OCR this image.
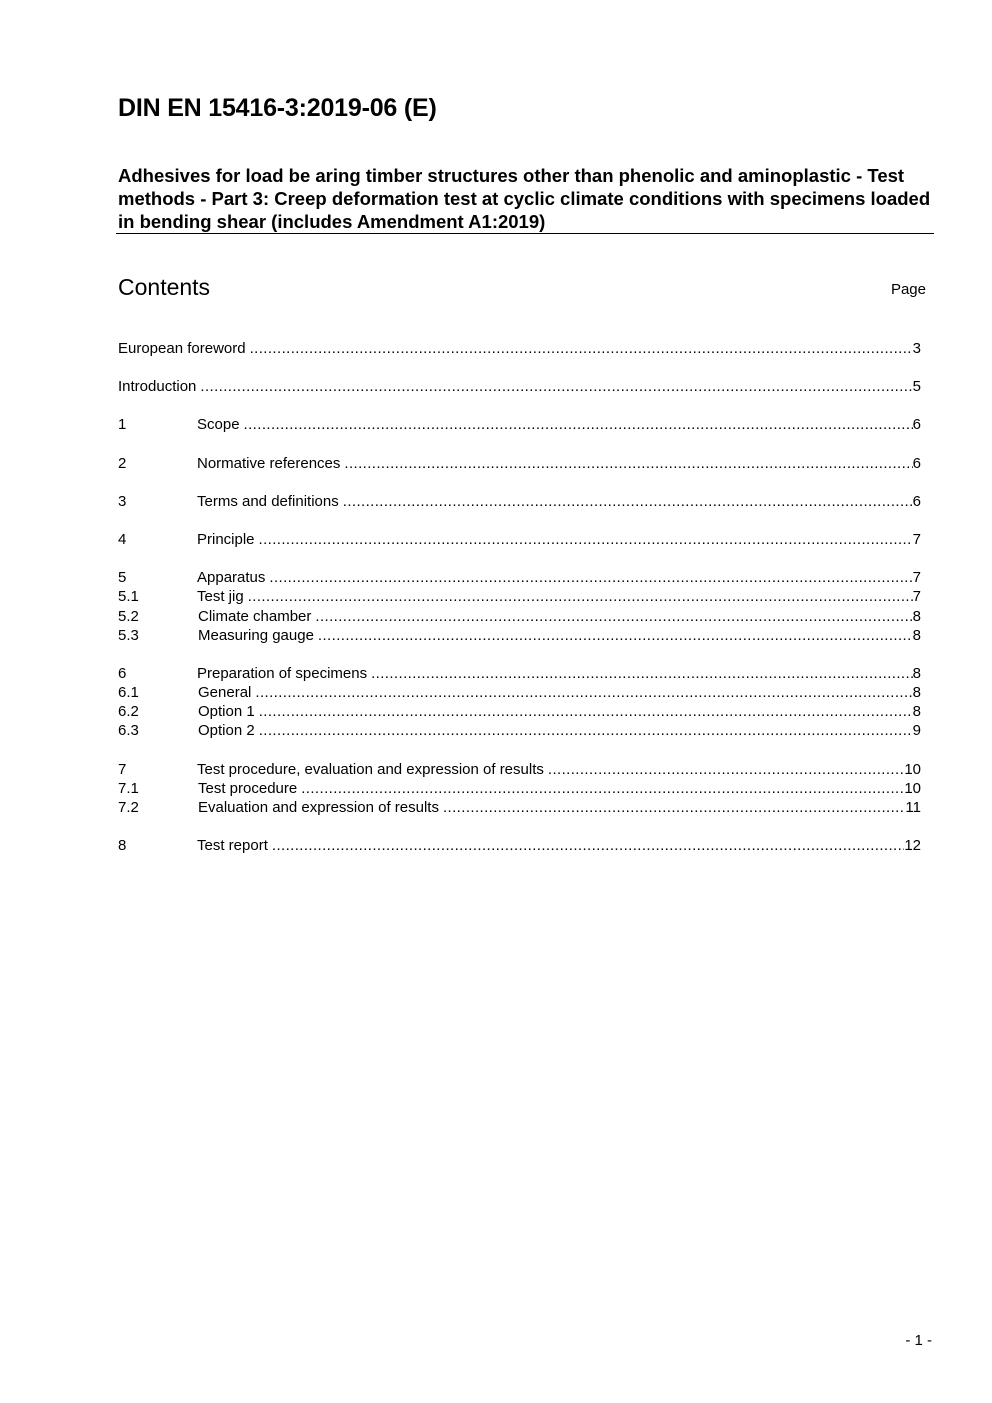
DIN EN 15416-3:2019-06 (E)
Adhesives for load be aring timber structures other than phenolic and aminoplastic - Test methods - Part 3: Creep deformation test at cyclic climate conditions with specimens loaded in bending shear (includes Amendment A1:2019)
Contents	Page
European foreword .....	3
Introduction .....	5
1	Scope .....	6
2	Normative references .....	6
3	Terms and definitions .....	6
4	Principle .....	7
5	Apparatus .....	7
5.1	Test jig .....	7
5.2	Climate chamber .....	8
5.3	Measuring gauge .....	8
6	Preparation of specimens .....	8
6.1	General .....	8
6.2	Option 1 .....	8
6.3	Option 2 .....	9
7	Test procedure, evaluation and expression of results .....	10
7.1	Test procedure .....	10
7.2	Evaluation and expression of results .....	11
8	Test report .....	12
- 1 -
